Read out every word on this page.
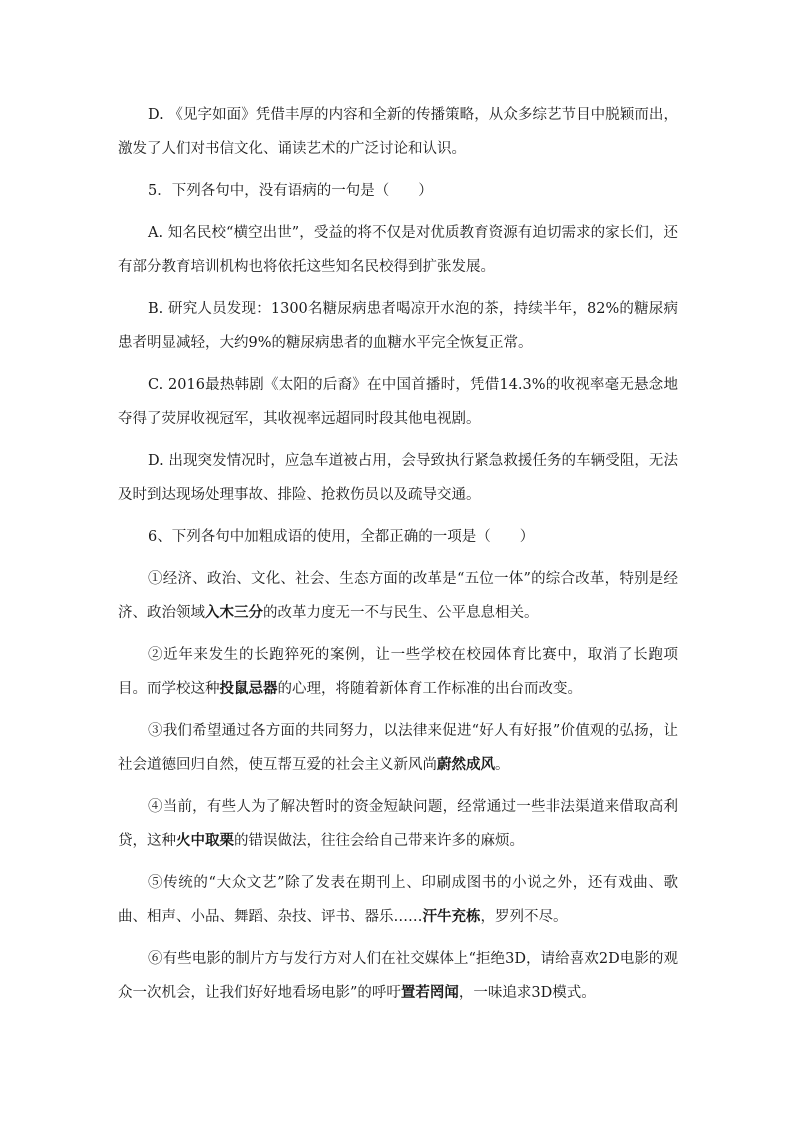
D. 《见字如面》凭借丰厚的内容和全新的传播策略，从众多综艺节目中脱颖而出，激发了人们对书信文化、诵读艺术的广泛讨论和认识。

5．下列各句中，没有语病的一句是（　　）

A. 知名民校“横空出世”，受益的将不仅是对优质教育资源有迫切需求的家长们，还有部分教育培训机构也将依托这些知名民校得到扩张发展。

B. 研究人员发现：1300名糖尿病患者喝凉开水泡的茶，持续半年，82%的糖尿病患者明显减轻，大约9%的糖尿病患者的血糖水平完全恢复正常。

C. 2016最热韩剧《太阳的后裔》在中国首播时，凭借14.3%的收视率毫无悬念地夺得了荧屏收视冠军，其收视率远超同时段其他电视剧。

D. 出现突发情况时，应急车道被占用，会导致执行紧急救援任务的车辆受阻，无法及时到达现场处理事故、排险、抢救伤员以及疏导交通。

6、下列各句中加粗成语的使用，全都正确的一项是（　　）

①经济、政治、文化、社会、生态方面的改革是“五位一体”的综合改革，特别是经济、政治领域入木三分的改革力度无一不与民生、公平息息相关。

②近年来发生的长跑猝死的案例，让一些学校在校园体育比赛中，取消了长跑项目。而学校这种投鼠忌器的心理，将随着新体育工作标准的出台而改变。

③我们希望通过各方面的共同努力，以法律来促进“好人有好报”价值观的弘扬，让社会道德回归自然，使互帮互爱的社会主义新风尚蔚然成风。

④当前，有些人为了解决暂时的资金短缺问题，经常通过一些非法渠道来借取高利贷，这种火中取栗的错误做法，往往会给自己带来许多的麻烦。

⑤传统的“大众文艺”除了发表在期刊上、印刷成图书的小说之外，还有戏曲、歌曲、相声、小品、舞蹈、杂技、评书、器乐……汗牛充栋，罗列不尽。

⑥有些电影的制片方与发行方对人们在社交媒体上“拒绝3D，请给喜欢2D电影的观众一次机会，让我们好好地看场电影”的呼吁置若罔闻，一味追求3D模式。
